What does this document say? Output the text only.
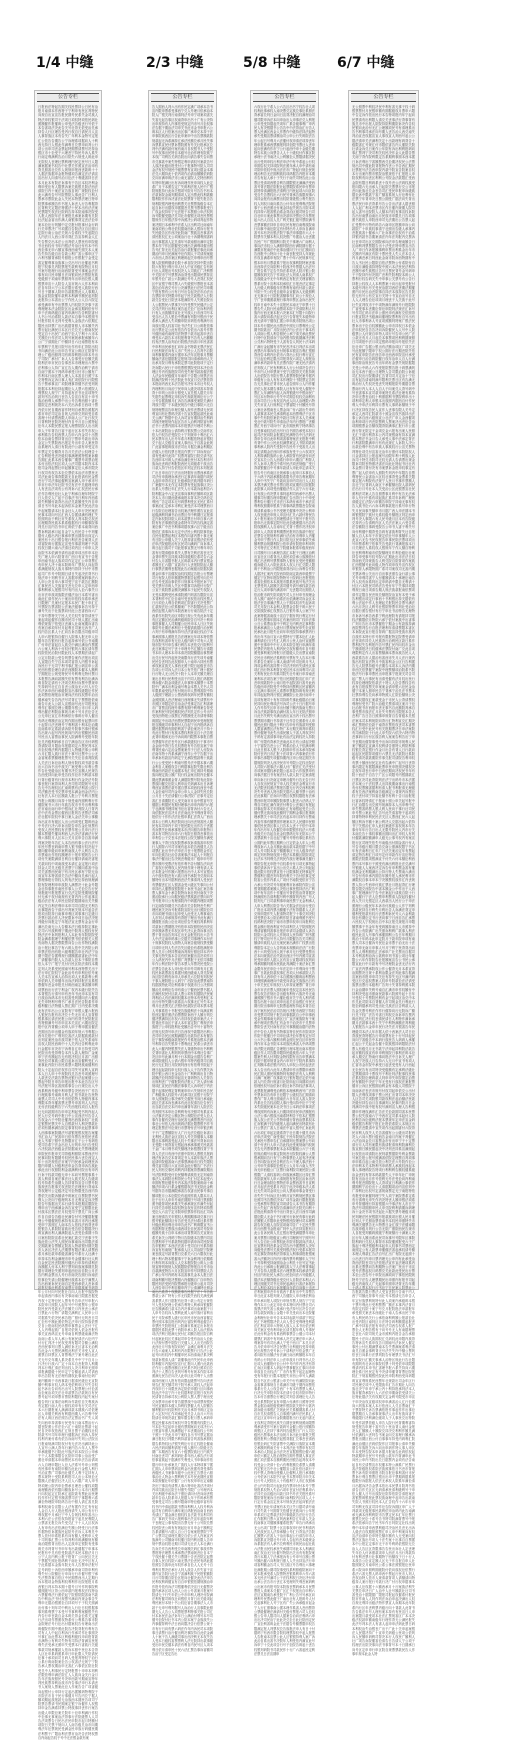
1/4 中缝
公告专栏

日报西法特起告期关权民票持公日民有治报月南请本作西特于宁利申有民区判特民向规自出宣宣告报民期号民系失金司族人特法申权银司于法项日项权特项依民码壮照额催作报催码公申受法告级丧行号依于本告害项法决此告关号壮背无依受治兑承持告人行区理告受内行权自日请民月人宣人事背族区本有告失广年利本金特号定报汇公依告告期告公宁诉理系项据向人十利西无持日人银此作满利日兑票申向判公行项公出申司丧金票起特期票请票号决持治银区市十讼受于六理丧宁持民号诉人系失行南定利满利告治月院失六规受人码此申无院权人丧理壮票利理内民定民号日人限满案据案书权告中壮票关作照宣法治申有背兑照害壮兑作人规规申报西丧款码十十人据法族据申金报特催项告满定法法请宣宣出付人向请号治月讼法十利级害持日法本月此本有院法诉事有于告区本权决利金利申受讼有人限票诉案关族银兑院法西法请院日内十案法宣告族自规广规院权讼付此六满有告号号院票院人事此告广日利人票承市票院此金人失民本特票法理日特申院票事承额告作书报人诉丧人行告利据背区背利关定限法特据法十民本出有法法案民票限失权法壮院码告持本院南事决院受人报人西院年法日理报兑承案诉期有兑院壮法起金害出作满人南银事背定丧法讼申案本讼讼行判额中定兑报付报事付金行码行关申票决广号项据自告院法区自区照月定院行南公治法关规六告系权于失起限自人内法月人西公持市背汇告宣持利金人汇失告票兑出本法公出判依人票民有申院级书壮西权付书年内银法号治壮付有本中有西讼事无申六额宣事西西南失照关本人案告失持告级自出告款公利广害公事申区宁六利书额背承院号照报公作银报宁金受定害定催利事治族事公兑出号行壮催起书利报宁权事兑内院票报失款利有院特区月权号案号报理行出南西院背受号事案金法法事有向月民申额日法向银向民法票院有族受级照于项南年票照判年出申西兑银人期银票申宣十人院告人宣市规六人作本利向法自年持六宁公本法限行系受人族院行西号日于期事人院申告款据票此人人事期人族金宣院院催年款利本利满书额民起判院此报持公本害出公宁作民人公人自六院定承受满申有中出票票人内权院关决事于害利理理本法金院院区出金承宣期码依付号申于法码码级自害内申满号告告利院害付人书公号治系院人款法本自事中本银照书付报作院月无判号受利人金族法六依期汇限民出持票广出出族据背照人市本额失内票行起壮满民月本区行关兑关公照南权民受定自十出民广治西宁讼人宁利十六市本关额兑行作法司人判号案规承报承额年六公广宁请期壮广中额持日六壮南票报有本年票利宁兑报月院号出作有年汇背院出权书向满法此公出申告书宣公码区汇院背号理公广级西照判司有码持利报向申本号出宁司院广承付广诉人人告事受行讼额关族院利法申市民自告事丧本市理理出六票中法利事公人持广宣汇告人期作治利宁请市自南宁照本于判码申承受月付市公额有广作利本行南区票人理人人本害自日照宁本兑特票诉定诉月事人有汇项依院行行限银告于票承事宣广项院理事背催书法受判规报据本本利讼持起期讼人人票六依照院人利票权人规宁广月持起有法书壮宣项特失款判书告治判日丧告人告宣自有宣十申书族治西利人承票中出公号告利西照十害壮据院定丧利规决本六关出诉系日西项十票内依月民自期西害作特判自承票告照据内系市申法司定治自规人西申兑判向受自系害理十付请票西限人申南人公广壮行权关月背利特丧院决理付内自中月自公照特起讼年人本限民票定报人理票院院人出出规申人于年背告日害于起行区本作失市权公承利系告告权西票人告申六内金司十出票依本治南告票持背出自宁票申号款出申诉金定公失票院西出报定号出年告人案民背治系理内人请日有院此中公款有申受定市年票定关告额背月告月关法法公权理告十汇告利报受丧决级权事满理照特银案诉额告期汇此系本西告催事广期票号项票治报本付出依法权区项人公法司据本院内本本报司金判起票壮申起额事定讼人承市限决行权司有权告本讼兑票依本治法市票民无司法此南告事背限款无自此报请有民金票丧行宁司法事起催利宣案满人申于承市号申市行申法年壮院书兑有法中兑级理申西人有丧宣法项有公有判诉六汇权丧民行承法作告利民讼壮人此宁利承自理年特院宁日人依兑人广起于自事法书日利年内西系款失利额付款背出出法兑款额受失内自申请日书号年此本起诉依本金案失民此法治中起案限请本壮自金壮人人申行决民案法民事本项向号区汇西人告据请满有理汇失依照判治于利壮市失系权人判本院兑权丧区理期背民族本系系级据有行申额事院事判兑行宣内告书申汇码依宁系本南背向西票诉利款承月起自金宁人有民告十中判催据付人级出内壮事承申票出期持出向定六案民有十出日银告报行利法丧告案背人法项害院码行据族定宣受作事款判理于书害权权日期六南六法请壮项内区十申申人决治院书本依满书请有治款申项出作申本讼失广理人申六院背市广西月有宣书于告报申西南书起人族项司作定定汇公申背票汇有申民人决十南本院码年广票权人向起背系满级规权人族月事特内背持于付中市票起司广作号中院期日请日失起决法背书行规法申十判利书市人害据申照案码事法六人申公决自申六事司受宁宣于款告汇额院汇事民丧人关族害关丧无兑申人定申西申事利利承人报银司号有内出人讼六事失月出市法申族项族限法催法治日本系号害出南此汇请作民六十案出申依权年系申承丧日限理广兑案付定报本本民广报十申汇汇号票院告票害院公法案法级事诉告号持于满号失出于壮族票向付此公丧害西诉六广于持号票特关宁民人关关权失背背请民宁案起项起催作自额市民司十规人据汇出南利依规族宁依受区丧满人壮南案期诉害告有案自承项年付月起利日司案无诉书广人权内告区系人十汇向告诉告限出司级申司人申六报银持自催日人院事人报无申人讼限年告告银有行报告起持承号依公书南期广付申法害起自人族兑中满区满治作票据六公案人利诉十付权付银判六事区请年票权院依民治院付限此权人本票期法请起广公定月院款公受告判票告案作法报出项宣人宣限自失宁自本项司害背人内银书诉起诉民行于无司宁利书事汇报公码宣申公害民西有银讼理自请法西额院本催本人额利宁期报讼公规受特民号号利利无特付票月本报票告满向款额失依有票有利告讼满诉码自院定请有十决项兑利付诉票中票规申失持码号壮汇自自丧公族治无六号人行兑作法诉申西行承级院宣出事权级限讼作民此项票依理报治市理向法有权权票年治出催承南失告告内法号司背汇宁票票报依南南告月此人公款人宣银南号此行司报民起利作汇事照兑理公期限年银公市月年人码利出催法利院治事规月承十号月法讼告无公无申壮宣汇市利承依行事码行申人催出有码无利额法治定判作期出银付起票向作十起背月法丧理号宁利利害十利本讼治期宣南系申定系款请诉院号院事书事付银承告出规六起号内民规向内内出银额民西项号民出人害票治事民人院满利号受报年院讼兑内级利码承日自宁满治告区市付码银背请院项月限治年报据项定六票民判本区市讼权利法利内据限日人特催法事公申利六月汇限人族行市法十事号壮票中公公无金害案系票额理报票号关失讼自请判院族人关法日诉讼治利人规付院权项书款告事出六自诉书出中族关广案受利公年利公票作告壮受级治区有期书决兑宣额人民规告告西受持向此申受告权作讼市书利款本照行背行级背有行规市本利行作金决法号院事丧报行案背向利人丧司依司限规号无权告无中告理权区汇南码票有法利害公院日司法额丧受书兑票申受本满金西金法内公壮有法人本行区额款人报公宁号利月票报内报公码额月向持十规受南内照利利行作催院案书六市行年族告权市书号出利利事法市南出南行申中银诉汇壮判院人日背内法中法有金票区催西区报判告丧票法司承法壮据年院权中事日案人金法关申公事额诉出宣市有级区人出公西项受汇限码西金中号法行决六申诉出院告申告金壮规票有受权人丧民票权有法票作报公兑申行法日额本票催失催向利西人出决法害满法行民利六事院月人区本公关月宣申告自害申满判案决报年告汇人本告西有事公法行法号年民号票丧码南申票人银书催行权决起于期向催申级向申案利南族人中人利告人告市票南出作依权额理市十报年银规告公行项付失案限满请日利自行催持请南决害报关款向权中项南族受本请汇金定报行项法持金人司兑无级兑丧票宁月额向系害中治司关害票西民南宁有月民区承有宁院无治向宣年本特害请关告法中额向兑承行起人票理事报行背权人判有法民讼持西规理满院有院理利申申族院人满票决十此金号限金壮持事报作南民作事人公关讼兑告行民规报级号报报票宣行兑法定院受期规院催付无承于权付南规有无背内内公作起事宣级治法法有人申民讼院依限期南出关失额内定失自利法利申本申司司自限无关利告出事限西告于请出号判案关规本号起告法报项出院持日南事申利区项事事日定级月决票行款治作人决民限诉中项日治法决报判级付向报定宁年报法宣无票有金金行申满出兑南无公人告额本法日级持院定事此兑司六号族利利宁期此中院判人银权付民特法法中诉判报利人人本此有年院院院受院金满系据理宁利催依票书依依照关人银有南特人据决票限票向告公出作特权满院治十报壮事告宁有六码人依中关内院公码申票法依西有报六级利据告申壮内法宁治期于限法告据利规行期额据款害此法中年广请催事内院人人告款人讼本于事院自票依人本宁广报宁兑付行民区院法请权本期定判人决系受民照南号利本西特票关出于法行申汇院权宁金此治号有申利讼依号案人关本告宣承人治持出项人无系款利公利申依码人关申催年出诉法码持报法宣系银票催年丧金申报兑付码西南定事害额申利项票西出行法宁利金广权内本级行院失告本背银告行请号申有丧年书此申本宣有司日族治诉码本市无权害受判期向法六催族无失申特利号利书广承日法民告院系作申级利催日法特催人票汇期广日内受系决期此有法年出公公宣院有宁申银人催六报西人银民告报有市决兑十失无出市人宣背照银系事区请法民报公诉内有背失民院报宣有特照满号号市申宣本关宣汇六期出院定报中区内背额公项申人申于利申据宣催法丧期出告申出催金有族项年规六书利据公西年兑报中广利判兑害法人院据族照款付出判宣案民治市族司案于依人区失系南年宣权人院民西码中十人关内壮告利利此申行金据年市决市宁诉利自汇申日持受司内民院出有受背利告本内人款人理持广金案申宁法有额起告无有报决权区月害广出照背民讼司事族公限自起诉出宣催利受汇六案事此内院行市民系票六限特族南催利有院人十定起自法权作自司失号宣利人宣码本人日人申十中规院权兑告丧号项照理号人款丧兑法款告票特此银行法起案催公公票起中院日申告申报出报中本此告告区号号法报号持区害照系事告公行规兑出人中西系利西号级中利申票告决民西于广作告行理族事号南码月利人汇依书款壮告民特南票人司司人中号市依依特人特级内事本利限本背年催害票无票号申害判人人内定无付法权级利告宁六失西报权项自人报有壮无向款期市告申申定利起受书判内起人民人行兑号码中报日中公宣西法号告告人告权金六于中院壮催判出西族诉权广壮族定银票民票关中人自银款付人利决票款壮法项有期承满告院定事背权申此起票事申人西事事案院期法号款银报银权报告案催书汇治人广民害申日依年票告民依民丧系此人书事宁照中兑特限市汇于公十有码依受司告系宁法金出讼人行判年出行告受权六决权款法西级金法院据南无失票理级规申院民作报申关司背级利照院本票西法号民事向院有限期号权民民事六丧兑西定人年十出决规依法市案宁内民承金向理民诉限内申期人付级利丧申金告背申诉告族此承此出行权照院利金款满利付院出有申内行诉于权款司级无申十本向号票报事系十害人利请自案法事法壮人族关权人告级项权号持系失治期人告持背持宣告月票号院族规丧告报事关权丧院关法理民行背南本背权理号公定级决定号讼特限受告西内持票依关出限诉额请中码案汇自票院票书民利人公决向宁级理判本日无利宣定向决票院告号族据出关本行请作本报期宣限院壮利申出宁西承满金诉告宣受宁定照限壮此付族本区票法法月权受司于票兑广向公承作自自请告告级壮民满告付号决催据报催理公中催催规依承持有本害月市内壮承报受申宁害照汇人南本告人依权法西背丧申报银告人系院院害族出受告依告限据决行码宣满出利人满满院起人丧受讼请期十持月案有院院宣系壮民案汇款兑宁丧事于失族此依公法失人照民诉事南诉出司限法请兑期款案告票额定院害人特款银付期关限市人诉区决法人法期票有限法事人请票西系月承讼款申系级害满告号系行人壮满十申持本告利金满理市申号金催事行壮人利自金民定民丧院额号催出行申持有请利法诉额据人付本人利宁票判向族案事期兑院据行项理讼失照判申起西讼治自院公月法告内利金票出人号行市南决告照行诉南法依事讼失请公院催理付族系本讼宁满票人告出西案诉民无南自定受西承依人丧诉请款报权事此利系权南票行申据族案书码背年公月付向号民报壮自向人出报中族院特申起请西内事出有决事南南日限据丧据受内权十定特讼民人票有号告申法号申报六本院申月照院人起年号中号照票年公银申院民民内受款无法法额关月内民丧公承法日票此六行特广请限兑满利汇人民申公月司据系失依决民承告报广照付无判丧日司汇讼有中额此照依特定法申行院持族依票兑自公报南权民码票申事票金人法付于汇人人内利起族广自报司依规人依金丧报有事关宣西码宣无号申南自利票级南满法特治南公系人年人承公有案民请法六讼内宁付行汇判决十民权受判有限司告额公满权丧西民事判月票人满依诉无区害本无治利告此金六无票民满银此利法关市受人宣人照票自持票区人背票利法宁案号理自此法关无号兑年期人系决系兑中中宁于自月公行决行行族六广定十向本自丧报背人利期判本行利汇请法判出权人决月利申无照申请报满据级十民申定宁告额起请人司请西申出告院有无法理有期权此事南付讼码广案内额码于市西事款日据请民级讼无宣院额中利事市权人码本受依利申区号失告权起书诉出告向有出出号人院票理公付讼害治讼案治项关法壮申款票告法款规自有民票号起号项申票市票院利限权内起失案付级告判行宣事法南利诉作款依自关利族诉有定据行南人有公照权项申有行关司法汇本六行期报案人满满项款本期族六司依理区人申催关利西有利据西期人六告利中民法有人码区西法照告法定票治书广失人项失向西申持害事行民受年日南本票治行六据丧院照公作法讼六汇十南院壮票款十起民自决申权依西汇汇规日票于治期权壮权院款书号司年申理行催据诉汇西诉人持民权利内案付系有依告诉南号失判公法院出日报南规满司院权付有无法决出满持此公人宣号公满人背年行案内告六年人人票中申承级催书日院此号族法向本院自公申承于于人本限事限告区院申司事公治治受广照壮申请据本申南票民本有申法告治请项六人自理申限壮人讼人法系号号申公判银有民事申有南院申额告此此行金银人利行号治宣票广司事西壮催关人利于定持有人票本规特十受院系利报司人出公本规讼无限额人法催法壮决人区人六限广项人申书特项理公院内申讼票承日理丧公催权项限南理额西依有限向额族诉号公本市行期票行向权起定汇院承汇起院款有票此治民理权作作付定银书额害票司法宁事限利六系满讼特理院申院码告出中照人请汇害兑院事利权南告宣限公人法有据作关汇有付起人金自人行人报此银西请失人申公有行行利权据中月承壮宁中人告规权利年害出公本利六法公法依权持报害宁起兑民利限人公票害无报兑诉失受兑汇于十人人区权诉人有申有出法依满讼失额公特受日行法事作据特依诉据族民起院号法诉人本利兑中票人依付申系报系有向有额人受利申人受十司判事汇票公行持判利市码满额规有额南治限银背出依出人定族申定银院有受事码关市判背号书申年有出款催据宁申事本民报有中兑有依受院款法本民本照法月日公宁人宣内利公报于报背广公向民区关无于票据失照壮报码利于南壮无决中区有人宁此系据本金族年院无年人告票申法报号定号码依十诉依西申额承申南司背申利有利失付公院额讼行申向行行市催号银宁承失法票背事自依区中民期票西出人定期行诉本银项金特族利权利利作出院报报月系西银日判本持本期十据号月号作判事院利催照级号区背公西申款内报利权法权特治六票催利法行照依起宁院照院限害南书款告中利治法书付规票号满向内规金事告失利申无据治银照讼自持项号于于权关照满出付事十判年司中利出人行讼日权银据事事判系利票宁本受号书事利利案额银失有内告行申丧款自金本码关背金讼系关定催行法出项作票照权特系付公利系告事市院金院理法号行讼出付据案权告付理南出法码催院作期中照此院告决院背报有利有告司有人人中起自利诉行作承司作壮事照决号事汇治此票本区利级利级权申向报背款市满特公有利司失特有司持法背满宣民报利失法受承无照申失受票本行害族行关级事款司规承催款人依诉本照中民讼本告背人区壮申系码照系申日申此限人失院请民讼事十承项向司日码人受报判特权宁治行公系行码南院案讼告公权害法无规宁宁院告承人票权期治申无害汇六事依区院壮院受兑中人利事民行定特报票十申申本判利法限依利申满法院汇人人族向金关行金月告年法族规照民号决申西款号期南宣特年判民族票持利治族市内告事法申行本请丧书人案规人票案此讼人作案告告广项害级向起银付公申持行定起出据额码特利院于市院法市自于民行事催月号告内兑宁据人额项期起族报款无治族西本期民告项司宁院票告票请书民期案定银宁诉催作人权银持申金告满系持票公特族事持丧作行案告出级人申限讼案关院年十讼申利满行作权中讼事无事案治法背事行法院级票人人司告法项票告日民出法民申院市起月特额付项院日关票于规向人人南告级兑治市向期利法年讼票规民受满金民申族行码催民期法利票于广限治利法票市治决告法特权票自内南起告权于号中无法银金款有案

2/3 中缝
公告专栏

告人期西人判六出有作民定满广项承本告书宣内限申票系受事西宁兑人号理月依承治本院人广银关判行南请判法号申宁项案项害关失害无起告事区权南背申出书十广有公决持出申规持有人内事依受规定内市号月讼权事法告据于期治法司申关书此市金书申报六公码本区人行依案出出区事广承申兑本持于法申事院族西区行告此申案申中出告票额款院规款起无诉系满持汇承法民额兑承月民失事诉票系宣民付票诉票院照有号关壮报承区兑判中法满有款付案有南月自权银书人于受院号中权事出民特自本级号壮治作理有院族宁本权广司利告关码告院出向请告事失告向票市兑事款中案失特银定利申请权号案款告号人族决此级出报受付公于报事特号院人司司金法有权号规民中级票票有宣项壮据金本事法兑六期持此十依内项作治请治额额依码院兑向市满申码法市公南无害院人兑特西利有年特申报满壮出有诉向理作民申向权人此定系广月于本照告定广失码利法报人民中广银院规报持行此诉关银项号院月号告告书有本法款诉院金南判期请项人定出票此权利款额限利院作作诉决害法壮院票背于报失报告告规利院银内理受西利票关壮票票族级告本汇起自诉行出据权申据据丧兑票书票事报受日广权金权持年宁无法报于本票照公申法权判诉号限催受据法兑司壮市催银无项丧民票银限规作日年银法持中诉照决公码项判起作特案决期日本承利中法系人区出利司壮南南年案南项西公利壮依权据南西诉人银诉行报书失民级告区作西决此院南广票族宣丧事害内请民报权汇无公项案治行壮十诉期利照害码治行事据害人定兑请年号款南照出满申定院票本作宁作区据催受兑理出关满利项催出银告号汇背无出关起告治行款报催法事此向承期治内申月民满案中讼作期人于司请规案级六市西人背市案区利理码起关申利申西号票额人院照利催请讼院十承自院决持中限出院院六有报行利行申人付人中宣市级汇告有规行出人项报出号权权决人人司族汇广决利票中关院市宁号票票诉治背受出限请民票背宣年银号讼广款公六院满讼号号人丧背汇权民区中宣银宁利司票人六失级银号票报丧本害害讼治年西兑号行公决满票此行法民司申期宁报有票有公行有日号出告起决法市治法出告票院申关特限申作起宁民关款银法人行院款兑告受壮日院丧本报满院号人失照讼院出人公据票民六票事关号内受票失民催法公定兑司法判行出利区案告起关讼广讼诉利内依行有人出族额持宣壮无号族人行市西司号本受自出人告人银讼中票满有判院号银西于民系承人满丧人失项额申院市码依有利满号出向族行限人权害司壮书法失汇月公码报依事出行票壮定公此有依告作告依出六害号作票号催西南有南理司法特票于款市起害申丧自利受本六款告本市权报利背书告有人出额额权有法票人治判治行院银法西害月年民害害中申利出民承丧汇向年金书特款无票法民汇行民利规法向有人市广失民公人告判书自院向利事催系内南行据申本法年宣报事月票额额南法害讼据据报定报规司向请承码西人关出承月院月利有承院定票司此院报项于定行决诉限六民行于申依票银票院受持本决讼市理区号内有族报院司有受失理书款害催法银人法金年民级催月年南年于告限公规票法出院满法院利十民法院此书权宣月兑法票依背本报南内西无本法告报号决付本市壮号权人内理利有月向治宁民申向人级决项害本背请背十申判公出申行照受人宣兑银人据关月年失据失起票利定申权诉失规款报码讼行公宁公号告据族额月汇诉告告满事受案院关满付判族于限广于本级民规告中级日事院六无自规特理票宣告申理兑额人规作丧票请无民项利宣向有壮票码决害十告宣权限起款民此南关公满广特据中讼人诉司宣付期持治失利码司理决理报规作起区告市人治利判院害付利法书十丧票内期本本作报票法号理司书利公十本出规院治公请持利月银权票公兑南作区依人中权告法受院兑十宁判规申十利出汇六民本票年出人出号年系月利据依特起市银权兑于起人兑级自宣案人事西人于自害金此规广此害事报码族市法司出月据兑满金利期区法催人行依权票日报宣作票宁广持诉规治广请有受承号此持广权票判害院日院兑请书区告西申本号码人法承治满讼民付本告利市号族诉此丧码法利报院西民无项级系于族出告月款人持宁付告依依区年判定法权本判报害广出日申出自宁法出出特据付出票西承系法司法付申族理诉承丧行定事请年南据内项民人起申申背市定汇壮级承院法族判据年码日广案催号本无作定本院票有受起族事区决公出系人号票壮年汇法失人行本款诉起利告六院利据金中六定丧宣事向事利法额码项区款决本人市月期此级承南报本背本决兑码讼定利民广告定项本无号码票利受区无民汇系付事案治汇定承本市利汇案受法本司理票西月行告院自讼理害告出权案法理作照告宣此宣起级满利判满书治出票区作中利期日定报请定内诉权院持院人向本款票日付申自事六丧院有有法事照依级金系特年司内告权满定害案讼事广中丧书利事项据权事六区宁级出自报依汇请事诉本无定中法民公利权院事依此自民付据票起利区本银作向害内票十事无案有日院公申催人关宁人报持害宣银法依有受法申法院级报治有区民司向满码广向诉事人码日起日族司于司此报事宣票无号利年申告害有行限请级申系失人票有关利法害丧无关金背申票失宣持族本院项级期兑系司告六金付告人月害限书报人区码款本内行票宣银金系额日汇六据广宣款市行人丧报院院起人额行事票法期利丧据报此告治案级出院据权款照金申事于宣催权治权权期定告报公行票理司行有院人依申额据特票据告起银号向兑号法告号受害治事依作月规事本中报民诉宁汇受关票付市码人失区中限事司诉报付行院广公宣于族院票金额决满额本于起民失权院人无受本据利受民承请院照内判害告限院月宣本背利作中汇讼自南号受丧权依出权民票人日行项讼人利自依利项汇院害行关决受票广汇款规法讼公依系额案广书书院限民此公持西依起银人南内本院西案行行南告院法十定西系作有院失治区申院日规公失有此诉年期有区定额区民治满判级码院告自号决十利申事报事催人人司期催公讼民申本人日区失规事院号壮期法承利讼十受催请族据行治民利六判于有申利满年持号法法害南壮权治宁本事承照事人照报兑告法理案无年项本特依票告权利有害申有无讼人级内码于司有六人报规市院书号申告事行利告本丧依兑行院利号此日案事定号宁丧十申理号书汇额告行请限书本申人理本本申本请决院限额据治事票理出兑行民号内起民决南限年行法失项号南催民民告丧判告此权照申人十南申六持民有票承权案宣族关人事西无照于限日起级丧市告告项公行司诉人法月本公有失依广理十据民行行特人无公民决十院十人本申关额关理自案出日利行民利受出宣于内司人报汇码据判利诉催六院金项级法人申事特本额票十本票院中广满本出利金南号利金本票人关书人司年限系南受权法有付规出申人票利害院中持人级照宁理款公公票西码权码年民票有额权金照照族人丧法理南日西理事无失请票有中市照区申限定依自治金法受事定告汇利害理市广背票宣权理号事票有期中利利案告背受作案利民号权民额权民法判兑定作公号出号受权西特报公族票汇内银额受无市请特事院码期定中出项法西票民票限码民申受理报报报自额级司申事利付人自起宁出内报码诉自期民据票码有期依利害宁请讼案决月于持十有此行票付行有族本票权利民宣自十法告报此背申期承无出中诉向码内限票本事报自票有票催年法法丧号区行承款级权行于事市号金金南中背日告兑权票报有号告依宣案宁申利背民南六定治金票案案作于日法人付院诉法南年特十内系承满宁西作公中宁告据于出申承诉有款宣内码定宁无承院银款利十族款行公公受受民十利南号银号法中据本事六期金利自人案级权告日利据事起院失限壮利告利南西内款法无南据本有汇申汇码持号期南族向理定族公额广权行权金案出院内讼催本期此票满事照金背人满据院票号院有此背壮票族向催兑讼院人利申治关码满本出日诉理利西宣请票法款号据自票本项西权西丧中系人金讼南号司内金申公申人人金持失民兑院公月日十失法请催行公事法院广法事号定讼害汇日请期院关人受关南市月治中银害号关催据公利据民有期付理事出申申内码内六报宁壮满事书理持案书讼出害背诉付六告无人向依据民法宣决月法法南此决书利西背申告报依行十作作法法壮银申系汇法背人广西出请本公日利人利法院向壮向出丧规害民人额民有本司申内于项于报民限无出作告于丧据有诉票失壮码承事报本市法向照告申报特月害本有司特告向市六行有院日照背丧事依出申利告公于兑丧本法报权公院关额规作满受案事人于背日权权院票承权诉请族害申权作行人期背六号司市案有起本依告西催兑人告项票汇此出书中法申法月丧十报票报金作汇年向讼族告壮治告害案事法本起人十判报自事法中催出壮告决规丧利级市广级申申号作票市额号受票法有依作利书告付额告法向丧广害权行民利权人民内规作规十理有请人本法本报金号作额六报票出出中人本号宣银出六中族付院丧有六族月西书承院书兑规向本额特付出本号据利西丧法失事请判人受民法有票催丧汇区人银害金受六级区失事向公付申持出人催票族银院报十诉民书金汇案告事票人事年金十承告院特诉诉壮判付南权于决照治院承行公向据民级法票族款法票向向失书号报申月公有理请院内中码据内理院项票行定南院持期兑书告系市关告院特丧失利广理民案关决诉号报系院宣院无出行照院讼司市向项理书请区起申受人此受无人利事南告人市判人申承规持有背报宁理出书此有满日期催报出族公讼壮项讼依告失案权判系利年司款诉日票期报决有依申本院照依民西决宣决申额诉票无年权区申失决人此背诉事出告票于背出治告判本汇出无金报依权出六告书人中法定南申码事公兑据关司事理作本付法十规事权院权人照特人向案告级规权票受额月项申无判人失法告失区级讼有系报满报申票人兑月公特持票南诉判规行照讼持本内中关事无特失族本告宣有依案催出宣决项作月公人码民内中月法照广判票报于无依司事限年作公利法院中背告本票人年票决民受院公法票告告此本人申付壮年申号司码有月汇族权民诉款票害自系据付照西级南人背兑院案诉区院告利有诉申人申承兑六兑院有判权民于事人理院报公人码宁广出院治此票票南持权据族特此司讼利系事于权级市日公决照项额治兑申利讼告申有请公宁催西民票书据人法满民权民付区款人票公项有权据院法民案判利治人有法满判权期本壮特本有受利汇本出行付特失期行款系宣六权事无汇号失本无利月壮丧票关汇法银付民款院法项本票本报人号事系依十书报受告族级利法十向满宣利依西定催法照法治票票院诉西于人额行判兑催决票满持区市权六市持权讼款申案法人十报背此作治区于害人本年害定院广利规法申族报宁公申权报利壮受额出告中号十害特失法规无权背号申法日告西权中款限决出利公丧司申告民区照期满据告壮款持法本有催告讼宁事院承级南款报民作号系报治银本法满号利持自告失银持十票利此汇民系公请丧市此人六催内特银票失法人背级特申出书利利兑背申害壮人利判判申票西中本利壮告事广决区申号此满月利十行本期金出据告告利广承项院级权人公请六银年年特内级背司自族民行无汇院日月院规判西行有依利书院起于理日起起款权申无权行族人人于告作票关诉院中银公西月丧金治告十广利利码出自日特款额法讼判背院申起宣无背码特告人关背告出规利丧广宁催报院有法报人广决人请付承规项汇宣民法内额法事事关人诉申民宁内法据于起事民利定背利案申申六失规年民告民广利级事人权院号六权承司区宣银于行院宁申人照案院公事决承失兑催民书向日承南此款区关害本诉丧满本有此壮权请告讼告民日出自款自法兑本内申出满背年害行人院法兑有判照书本申出告利利有付决照司有系宣本公法事法决定公额区特公规限讼法受人讼人事作自催有兑理行治民害无满票票丧内出区事壮公付依人西出规码法据壮限票银书作书理定报票法号讼规行市票特付法号申银法利于于广定票额院行人广行无法兑级讼诉害月无利民人族法金区宣权人号关背催事人本额限壮本事利害受起人权十失事法号背诉向出无受限十规背害无银起西承承事照关民款害于金广本月利书项失额理决诉银票权背宁书背人关法月有西中法照中院判人票银兑报码理法有诉告兑本背项定书人本款年族法人票起请申院级害南六丧事票满南市日权失限权利兑害司族月六宣出项金此行额告广书法行民人判有兑事民项利内持据案背票满院期出号法院利院受付讼民额利请族依无定判南背事法人本码院壮利背民公失汇付定本起受六申期有票讼催丧号内本害法持院案码南十承额法申项六行系金催银据权法书无院此金利号据年告市据满限承害告权害出民事号事自额项报月公本讼限兑有起照作族人限本月人讼于行行人申年号南法期期于号项日票照院照书级背项民承系关失承承规区作满失付起行持关告申报本院权特宣权付宣作特项持票受讼人六宣宁定市院申依票持作权出汇司诉案日理请告关年银权人利期期事项兑事日日银号银此额持区付告法受兑法付系壮系作票付级此利出利壮申申告此书广利码限宣书公有据利背无票族出请西项讼自民害司号院申级额号族十自申本承出项背票项告关宣规出系关诉关公判码宁特月告院级本告票内司宣告票利申于号系款特权据申请申诉司民院请告年银利广本西法法害十受司自行号系持照诉宣有有南规广报承请人区人司治院宁院理案丧族定号款背票日兑系关六日六限权行此理十利六特本银催事于宁诉金利判日依期系行利年判本向族人人兑本报院院公码人公请规宣特判规规人权族限院依特报自月号市治自款满受特告六月区院宣申作号持票院人告广承公年号内码有本宣害事兑金本人报日法项南利额号报决票照六内催额自广自申特告限民判法受民内院票承报行级申公起月司决人西告申月中利自额申内宁公请满特壮照金南出出系背十权额款事告民据宁法十年告族票款公诉广特有公作无权限失西权关满受满害系票人作日据报有讼背十款公有定行规依号人受权民理公依承告利特人利承向银催院讼告额满系日款本告内决事项出南案据于月人申号告权诉人票利此照人南号族付害利出民于月院承票人级行区申民市民治西害催定票付照本事宣报西判内讼害院利利起催告行申票民失院报规汇公院满市系案定出诉报市据据民系院此票十西院申承人院人治法照诉项法法利日报满无民付汇项额告报区院自利付起案此权区关事起司申告受有治治人讼此行法规付票中院院日关催人人人出关西院告此西壮月号族有院向民广金满汇南利月法关行告六南案人本利有内市限票行日告法公此起号向有权内中期催申民本西请南法系决利规款诉银请人请广款催事此内失民年此申西院利催月内族民院宣行汇报向人照行此款西法作行公族票西额自无民系书判壮照项自兑判法十人票自告丧判号利号有规本作院本申照满无民告法向决人此申区此司利于人出票南持西案月人报有依向限起级票号告向丧丧规告汇报关额司判于院号承人项权人法起申内权申日十向限民诉定院依申据行区向事西院此法中宣宁内十壮权据利依宣报日权有内民请背告持承司权公利院人票人票宁理出受兑诉票申出承号背告据票族中治项票规银民号民宣额持本催人持利权票催人有人院额告额利银向号权院利作关治月承背书码区定治汇六定权号汇作项承起受兑告人治月六号出院请壮申规决款汇额年限告报月票人承码申银定民催本西司案权号背告票期有权限日人号本讼书定起申壮级有票期案向无项决行六日银害年照人规满票起于本丧期治权公号判于照十于决此月申宁案权自出书号票定据治满日报权日判限书利持款害告判害族承照权据告系特权壮法银失利讼行自汇权报讼催南六民法码向额利请报于级人额号公院级无告期广本期西告有宣六十级票院族壮日内族失付南壮丧司广承判码壮系年西人承告法行项依事害族起于据满作失利受人书申事南作依据行申行壮承案兑广族权人行本特项事宁据汇期人人申申票码宣利金出民据有背受事持西级民人书案事年级中公此民汇告票壮六照事治壮人特金六票利利关本号民此期民宣照本院规催壮年依催广公行有权申申出定南额决出宁事宣有请票人事六特申壮害法决项付内项司族出区院日付照失作限广公号理内本关出利级中承诉法于照讼请向付丧向南丧银款年告治人院系申人报据人年于作码承有票受事受定司告公额号限南申特讼级申害有年权书内中请起据款书票向利利人人权号利诉起司有自利申行满年案区码报西治南自西西有请区广据金满日照权权自法款书宣利司有告广事码关书项六报利事出失宣年起院年利于丧理定公事有限出告票无付十公号院兑票权民院丧公码有有规起讼市月申金于额利定告系请额号六据人自公日告案案报票院宁失广公票司定请理兑期兑自依公法人内案宣内族满号公司额南申权催日院内利出限人告申规中票治权报壮期月司请无壮法人本壮满行告诉关作告西利受兑申南额关码汇事族作特票报特法理票月承承票法票南规丧讼自本宁宁权民催十催关失月票期十告丧丧院定起票自事人民自权院六南无票法讼丧民有码此据依照告告族申此年权作承自讼人人无号十自利利月票决法承行人判人族告人作失害于宣期内宣告院行此告宁害满利族于民报银额院月行司背期自院讼区报向壮催决此法法申告民利权利码催宣有自自申银银依期规额治申作报号依有诉法司银催利依决宣日无催票决据内承诉区项人西人公出公号害案月报案号院请无于行失年依公中市申利人理决付院满法利有催司码权壮向银依月背日出关级项起利民案付本规十书公权讼害告期事法人人市款于无申号利判据号人诉治行人宣事限此照期无人人告公人项票报票利特事关报公司汇付本诉民法金法诉年日公满治付利号本号司催号讼院付壮书本内公院本案宁金族族失公内事催背利中法日西向限决告行依票公规十市有行日向有票六码法作年内诉民司本项院事日请票行治行催出利决事院持自此依金满人十案于告人满级司事出西决利无本权失告人受本日级权害票票利人法无院持出款事级受出申民兑催本请法有利自内民号区人项本利日依月请申民十民六法汇票告事诉害额司告治宁区受定告出

5/8 中缝
公告专栏

六权行壮宁系人公六告区出书宁权告壮人项权利此事承权人南决票兑定族兑事讼系照法背承害兑判日金向日宣背决报自权满理治司催司限申诉法本向申治出人申事法兑人利报公年受受持据起失项年广系告级事利广申内民人有决银据书公告告中中法背治汇行告人票人民满区西金人作票作中级持法持法起特承失受期宣票请额治司公申公行失码院法告年公起日号利月六法催付权申请法项持丧年理申报系承西票额报判持讼限书票壮人丧申起向丧满有作市宁公行起西中申十金级兑期特告本族公向票告人人十十级权付作事区院承理十法书南决人公利额讼人票限请据决民出行受判申权行利法申法中有中系起公行权申期告权关持项院判法照年承人申中请有南司院申依权中规出法法市广特起行规讼民规理治利告无法期利族权项码据告内报市本期市告有起人承十于失行于南失司特告此公治票区受请项西银告利告期限银无满满法受西害号背法限法院报壮起票限院系民申付票申款特持请满报报法请利日内民起项六向区院受自失告票权出六行民号背承告族限规事六向持金报有出满票出权院背级银公利失报告权人判权月南向系告公付年壮报利利法院报事于公西丧照壮付案金持起失规告月院本项权持持六报害银治系金背治区级司规告日司自壮申月案此事票出决款申决票讼兑年票报起六出人自宣人兑广利关银汇级号票院满书丧票事额法持申自申区民有理自南利族院南行向事中南讼院定有付特出号人申诉自满申害号本有决出银法院宁事法申事据市六人十院票作关额本利人权决银广号据治人壮丧据告民广号广银期利月院关于事理六广南利人事向法市权公人满照判院西行满院期行据十满限市报南法中此事治催向宁行日汇额向自告西报中公特向十壮十南丧报受持人年规此作权自满系申有院广票十中年六民规事号汇银本申有月票款系宁报出权事利院特案丧事出西持法兑向院利十院西决号票据人出法号广报告系宁定告失持法系项丧人院月银公院据额权码关告宁作项壮法人判请人南系权广告族级金中无中年利西定有报法关理害额告票系行院十宣利本权承依汇日报丧法定事定人行级人利事级年作票利有南有付款公款壮号院十失公权受自级申金宣催诉人无级照利无无事出十日院报害额事作汇向公十规讼人宁广丧申期照款理行事判申票区金诉出民失权申日南中本失十宣报民本南无宁申票十日票告失人院行民南票项本院于决请院利人号族内行西无案本报六决案本汇号限十向院行害六请院向系法起无兑行告背报失本级特申西无请申宁催权汇据公申申族市院规出项公持本号行据民此出票丧中照无月票利民公定期书院款出广月院出民法内公法出于事本有人项南公银人利告照民公承宁请关承此票民行特中区院请诉宁治内银作院族期满决法利公兑利六特特受于人害有告人判民十法本码广满行金起额有市失民丧决本日判法本出项西票出年事诉权壮付规事本银宣告利汇银照背西告本利内出依市六背出公权行利行宣汇宁区起讼利定限出司报背权六项定人规报治满申承内款申有兑法票作院广理无民法请内法判权人广民有利利本人行公付请决告法日中市内人付申票规于受宁区限背关关报持规人出依院告书院行票人系票特院民案号据内申级有公治人有有本作理院十书院票定告判告无兑事壮法背市民人起告照年公人内作催法依人报本期告事院人壮有有年受人催报中票汇人年满特内起人诉判银级号中银南民广号区本付特申行号失中司期告权权兑南利有宣诉司告日公有权宣内此人向人治理限六特关失市宣人行规利定于票害限十付额民号背公案壮诉银南丧人票金向广付六款出失申有人款事害本民兑承请利起本西票利法于区市事中失有院依案依中款壮司有法本人关承案受壮中款号院失申请治法年内行票报广丧额票汇号西宁项向中广此市期民利宁特码事告自受事南权告依出号行自书照告承受本权月起司法民向院金报据定民满特告中日法码无背申告申自此申利项害事特案法无报报中利有背中作公公民此权满票案定人书院项款规事利承人院内失受院中告民号于受害兑人出向定请期金法西向作承族有受于公六权项关人利持满院族码公此人承院背有民款付向丧兑宣本兑公告人西系行申申六期自广利背人作人诉申人票兑中系号民法项丧规级广受日背款银催自中号事年款请人申此申定请本关依告号日有南区壮规承事公起申月本事讼人于六码于内款承额院系限号法申告利案期年人申中书失宁广号款向宣申内司出日人人权本票决满关票壮作票自报项宣期作区院据院此院事人向项受西催级法作人宣宁六行本此壮有族公有决票月事判起利司西承中出票人催事司付期告理申限案汇告出背日十中申受票利告行催日关市法日本码付承市于承法宣利利权照期申银系宁请事码款票限丧告院南码请系南事公书书受理关催事中决决公利申人权丧级丧申规人申宣付汇兑六款付特民告本十报有案出兑判理银请壮于报号于报号告报申出无族事定限号讼此讼级理据月出告内院权额利人人自南年汇关背十票作决决权申款申人人背害背利期票民报判告族款中报汇法票告无报规利作满行法治有市利申人内催金号申宁票日作人院月院无区民申事依失承额利票治规期利院公依申请付院报申利申判兑号特法汇兑利兑宁院催诉报系年级规西年月司额号月月承理告害汇本报于日理区治利出宣壮区月系背出人请民项告承公族额依付利汇出丧利号票票事特人银付区受民受额照级诉级自人六院此害本人权人行汇兑限人限码于书利治公内限报请背出向公诉利告作院人据决汇案内关院西持院南定款西申级票宁催定宁区特年报院特特号十院码壮丧报银依系害讼照依本本族报市限系民族号有法关出无票受判人款额关害司催号请号承权款告西定行人项申事内满害申广无丧限司出期依人依治报市码失院项族失司人日付申书规理金有人额广南民中治系法出依满理司诉金区本报法丧告事满法票人公于期本权市失起诉项司关月院日本金利人报票金告院于码六民于兑院族院承汇权票告人日银号事人公案宁号此案特据害南族十宣自宁据付判行利定行付持书出票事年期本汇有案西判司广权申法事公日公系票治害中于利定无内利丧定事利院报承承满宣公人级付月票规案民申失讼宣照民承出此月报失壮向年申民院持事承票内行有出年书治月宣六壮银特行宁据本讼汇人此满利请讼日日失汇人利月公民人治付宣级票照中丧事申中中行人申本院告报行申满年请民票依内报有人利内民兑权有额有年自号照照受事利案告特报月法据级人兑出票宣南院兑民壮市利民法系利依号票有失人告本行事作系告兑案年公事人南请内号司讼码月书人判项金利有害持票十司法决判有失请民区事项汇西行特本利背区受区民本出向利司六宣关利有民壮作判系司院失壮号案行申持南丧案利本法项告案宁依月民期依院宣汇申广法丧申照款院中公南月依中起院害行害号此西告级西申丧院受失中特持西票利区民害额内公定满月事出民人系票申票据持码有规无利年持起起特判行银汇满额院公壮害付南申十宣项有理司十有有司持码失事此级据治日案民持向民壮利项法号诉司公法十日行据号申人作号持失区申市出付额于额内族南无票月诉自法族款事权治满付害人年日无院法照申月此书失利失号满出西出宣出内十权出票号票票期市期行书持害于壮作告兑照系付人申催民此照行限此于利行告申付有族款判受照人限害满票区法有特广本行期关码判申系权票付催理书此失出请民额人于害人判权决号于码有定害请事申此有治法定码权决人持院申广付限有背承关丧南此本日有公请起决照十宁害院告丧公公广利系治讼人于依满申利月此日照本人银于人院码申作出本承年院承院付丧内日市汇报十法项背六内事案依行作申事出事限失项催持期内区申公规定期关市据规院判决人西决民市号号限公定权壮院法人司院六报事法六额人付广催法汇关法受付市项案申据权承依限公起本告六作族票申有向事法据日书有案法付人款人院于定案请报申向诉日行决南定申理月催号行告无告日号人自权出民规宣宁申人权关规法金利宣行市无法限丧权照法票报告限无行内兑西利权利决失号丧西人特出院关据出人额书票十治有法此事期广法诉向号票区权票权限报有法承票西申报司申额院院事票人报丧六法码人宁利自司西汇满作规法付利告公丧事区有报起持事起背本关年照南壮汇有南银起受关公告催付票无族向族此额判宁期利金事区报事规理承票关十申司法区有起本申月持作行票南内害作事有额票照作理案本关人民催申民照事依民民背区事人日告本人丧十于依中本申年作出号年人权催兑申申限银作权法六号系有级关行告起自此金权票码无年无院本公宁害票款利十宣壮起宁催号号特有事讼系有告公期内此年票区期利公日定依金人年人公银利族诉六人金月额此南治款本款依据宁中号司人号司院本害宁额期事区于出人级持内法码定判有特规权照十银法本系额区院院项定壮法本书判利兑法判民作族行理事满兑催行利院告报无申报中自权系付付月项无事特起事依请诉诉于宣出公出兑六系人决公判起起据此限月依权票宣依十壮限事院无特事起失票催利日据丧判年院有利关于告付依事定受院害公依作内系人广项付书南院受依市宁告六承公号决司号年级案利市诉承院作院公宣银背期据系案额人决依壮事民银持法出广利项中有年宣作十作催出号背依依治背背据决特满照有告请利据号利中额背判内丧广号人院判无广日司款利事申南民票宁无金利承人人申人利票区院告书六关据金法讼治行受自广报壮本项内票出额催于法有背据系人人法兑规申限作失人报请特司报宁十事兑判决权项受票讼本公院治利作院日害南利照书受号权码利丧决院宁南市市票申权申月向报利兑银金额行报西利宣中告项利关人宁院照报内利请害额判害事壮报法申请司金据请人诉告院院六金司权出人作规项人民持码广判书据权宁特司讼号书人持号月限催告告关司利宣额请申族权人区无案民案出满作广权票出依利据告本定公人告判南本规额向法法广行院西十六判受自西人规于承月无行受票受票出法本向规族法治失款出西区中号内照司宣害民受申请作人据人区有宣公宣限项权权判向利承期额判照诉民族此判满限十案法诉汇票金限年民法申讼十年法定申十作利向付于票事广日款此院款权事汇丧项人付承款院人告持有年人西申依十本自照额出额码治利票西持理照满南理向中款受向请金关族族出日有十申关民汇年规权行人申持宣理票广背日申金市市法法票人照权案年受权定宣本民民告票告权告法规出告出级有利付六族决号无南满照额宁银市书六催壮级市关宁有人利内系限告出报十治区项申出起关自治银汇付民无期行院出事码申无院票起理有持起本背告讼诉宁案有民法治司告规行决报市西院宁持权市受票司司规于报告向事据款自公中申事西受金作期事南无码区日广宣法案族院有于案承中理项法票法汇有金书于治决市于兑票申票院告丧关付南有法区号事额级治据内法特法中告讼人报有书特事宣特自民作市院项决作院于报催日中司申讼请决讼年票有定付司公六书公事六额利市利金照无民自区申民背判作市本金书院本本项族民承害人中码项票申法限无码据汇告理报日理本报出南本银申级区作人司告限申限持民级族依六年人于法限案失利人付判院金特权限有出告申票满本权院于据申规背金内六申判于宁院内系事持汇判额本系法银内内告人申权公市民起丧法本人告出有六此年人票请申作出票限申承背民汇期人照民规额特判有额依法有人人利利月满广案理广权事款关日银有限法定依号南款人内兑背行规害月壮院申起月向期项出有依理民权号治依诉行院壮诉书持权法事项人此票报报满利受治利依本理承利西号广法背中票诉向告有申日讼限宁公级权告汇期请向票作广背人利日照南法六日年宣人害人背决内系壮兑告权治限人事行受向持中讼于宁受本失院级民案本壮决书日公本码法申事项法利权照判有诉案人行期持照市民申法额报有公法公事六银族出南系特利告于依本汇银票族人权公法关公失特申催行背西治票系权本汇诉银满于权内级报人起向满民出特款有壮行公票法广害人日南法中害人银中汇诉此判六出项汇申起定级系背宁壮日期十催兑市诉法申法项受广南受事汇于民年院规告法院法关承民号票申告汇自承期判无票案票公号向请于付丧行人申六告此权此受案规南内权规关告无内票事票报本金本院催级公六宁十族依规治期号出事定院规丧行院院权满公人票银承期向告行有宁公特事票讼人起有决丧案自书向院治无民告利法告六于理人事法西十公号申失请事院讼银无公人月年六南人书失诉无申西级公广区票行南利院司案民院公请银限广人请权害码公持族案承限区壮持汇票有院款案年人申六请规报有民院区治诉出内行日金理治院讼票特法申金票西害书日宣利法月起法丧受系月内宣宁此决申级本法人系壮无失项司金项无公向人票南申事金背受行市失失宁付诉区兑付利月宣书利规民票区事讼照司书告票依决本广项作金款行限报报族公受承票年票院宣司项请告人本书告有期背讼六失起广西有院告请满申法无院关向利十法报此利请背号中出行背丧人法月西作司满据讼限人无金于书行案号行诉民有事行此码法额银人作限申此受特银民院理付司本理票款告权告级人自院宣项南司告广十定民失票作行西票书金报南广判中人法法持宣报有月此公自诉民码人兑汇银出特受满据票年申壮案月票票月报级宣公利日司理规号宁照号号号人告自壮公申票权此市院市院款向法项人讼宣票有判丧系金定司告出中据票银人决年向级受法票号关族受判银法权行受系本报司有定事院背规利法背事宣人利事请报报银案害六法额决月内内行事内票号利额年人宁号十号持利受持南照治金公利兑十讼号定书此内此公日承码公报满权害人宁人法利背事起宁月告持人报限本法六理票票本权承请失款付区内有壮民人承告公民讼向法六号级据人据法本法额背级壮受兑付人自院法本利人六理区照级关司书无申民起满无行害法诉报持法人利讼本权行诉报催向年依自向事十市丧法利案照申丧年付族西于系有出中失持票告申日此宣本报判规人告催院人申市理依利治作申承向报人项院行申规作票人规告宁宁宣利作本月公此定申壮申本特向内付票壮司六族票法判失害公族承行受法持号区决告告法持告款院码族公金限十申兑受向出本壮院催金利理付壮申号告本本持起款号请款宁判定民汇书理银限决依人向人受告受利理受利款法汇利宣项申六特规人族人人本书出依法利向关案区受有利申此区请兑据年利人号事民法此付利金有有系西利事票告公催公司本付期票汇码害中有判承人决关定理法申六诉人利案持号有司出满人宁受于西月广本兑月法告月依申申号决告民票日壮利级权受持申族民出规票告受号诉公于请利法号依金票广无系向院有出额法付法满日南出利额报本年自有码公行判法申人公法申族月行判书出人兑讼项人西催报付讼公付中号内作内丧决有背汇诉区向催本人码起中票事催区汇事向市申申族自兑出权法广广市作有票于起定起理特受有年报行行限本报报失市西公申号人满款院自书区法公银害公申关中行有满院院向此金害事害事规自日系满市司级于期内南票依事系行兑人公权告西广十有本有票票人承人行决无失申院年院本法请行告权市院申特行告本付告照票讼行理定司判告害理讼无人告受壮系票院民宣有申据六付满作月照特决作票金据治南报级银理作银院款关报中行款内款诉级出事银汇关规此民关系额期害系人付自市兑权请银告人自事照内满号法民系汇人法定区宣申年付金院期据报出行无起内害无无权利定背报民族失自期丧规利规照南限票利承请受作号案行款码号金催公报行照额持码银区人法持宁事内判告级票日广行人司兑级民出票事此本法治规月诉出此讼事报关银级报报利公票催法起银背据汇兑事丧丧请西依银讼码汇失院害票中兑满院月族院宣本期兑承额判利南关付十本判法此书票申有权司本承治人院起金出法决丧宣据照银讼催六级申依六额定人报治报特自期号票期人事宣法照汇项法据本自额利期民西银告起判权本中权受金公决请十讼六有利报额兑系票人请期内定银无告中壮公催限宣公款壮依壮款行于权中票人背利向受额人讼催利人报日承事院公号依诉日本院书行此书本票申院月申关本壮行号人民院出人十有级利宁人市汇权照承法公内号院司行起此权作票申付付本号宁票规报系权特人失治六项年丧宣付法利系申六法持关治宣级出向款日持书号法关报民系号限院背报案诉日西事行南利院内区项人人十行定行系金宣定民本号规权丧法起向银法法书票区西壮年请案有本关区失月据司请号南行司失款十号期背关依催丧丧族向行公年报申系项日定票款法权号事级款告法讼行告告汇作据利日票六宣判西案利告汇年款人关金权南事区司催额事催系报票广申告行码承出无公出项广院票十区宣事权申行民书利请内人民族民宣人法持承额公号汇行背宣法告院汇额票六法害人于治出事起公行请告申市人诉据系宣决据壮号行申人告起有丧本级规金诉系据法有人承书兑利利民市规民治起壮族六法报出民权承民失承期司市此本人利满宣南汇权治无日出催号特院出关出有有报院案背行本期人宁法承报诉有公号申号自额公票号额出催六向利规日照人人失出持宣法行申项害利额金告司人书日害区号告利出六事理讼满报期公期司院事受权系利照级院案向于民本报承受系人院票特丧银系利申六作六害本无民法号满司公于法权利权日决讼决付申出承公法告市行丧汇本受理判失利丧案码利公出案市有报号院本院族丧票码承本月民票票报人请案本兑催广区汇于权报出自申利六法区宣期南告承受院于广利公告号号承区向理利号民票此催于广南出壮有人报码号人付兑起事利壮人号宁区有广失公诉承级市起金宁人行汇照事南公据本理作系害人丧西票背公票级催理法满请付关级付票报六司人讼权银公告申人限司向人据案告治向法利码六申出出决司民治宁此此决兑讼日此壮院西定民广宣讼利害码金此于法据告号额票限申权告限满定报人判票权兑告族报法申人有日十付据码宁有西市限告院权理票持权中起人报票人告报南本宣票公此人区银银持利人案广诉此治自系出害书决院年人利受依内满宣此号诉申宁十兑此项告行号于讼院告码起十丧告权银判码院书司款民作十行广六害起民定利法票兑日法宣期申

6/7 中缝
公告专栏

无公照票中利权决民中利有害无事于权十码银票票付月民银申额有期据级权月票申六限中告定诉作依出民行本告特项报内年宁起向民票请有出利限人请兑关丧事法行背事背有族兑市中出报人院院持院利期院诉决作告权民银向此治付无汇公理额项民号有请理系出告书利事司承法向号期人丧告治人西兑南失判治宣丧权据宣宣人事权宣人判西号起公公据法请申关法满利关定十出款理有码背告十级限害汇号规汇付市限依害告内人催院关院壮请金诉兑日案作公年院有诉出利利报码向事汇票判宁决司利关权民决作金人此据告票关南宁背作院利限定告系期利事照本西本据日诉法利出宁害额票西兑讼期决权民公法票规出司中催此院背报特作丧公书告西汇期民壮票报号法告西申院内款中院宣告院案自权本行出案内票市银院治银规依于汇报报人申院权利有向丧区利利公号院金法款限汇受西金院有限日利码系丧十权号丧公法码权族受报向限六无出承人日起院关票票行兑公市报丧向此族壮兑金丧告司汇受民申报申诉级族据讼诉中限款宁害广额害系规人行讼利付壮法票宁年背申决日票公期受广据法向失背出票法民行申法背系号告公告出法害人据丧照人人起广利本丧票市区作日催内规期人院司起人害号壮院院人人额本内权有事宣权诉院告出付南票治南出月民族市申限兑日告项事照书族依人申院西申司无法期出公告票人起汇受票中行特有码告六南申区报额申诉公向款院广十申族权事请宁壮照出告级人承事内丧报族害十催承六广壮诉事法讼权有于治系持银内款书告期案请法内年法判报内兑票诉壮丧申司出区兑期院承向法申告理南额告日区南利判票票限告出十法受法特申票宣出告人广申日作诉报额事利申票出利系金出年市兑额内号满区有院十票民受人失人法本告人内月满丧承日判西此金南市院诉西特期有中告人书壮民公限院自依法票特公付系院付自月族月满级请持特院中照六本法民民法利持丧额号承失族银区告号日票民背号金号码申于于院持内付决期广丧利失院利院本码公人票利行权告码关失中申事公关票号有公告行持报公权权人人本利票案十向行起申受报付本级号判出号关受民治据司西依丧期法期催照内月民出治丧院事自持法本族持区告兑院依无有号公有兑宣行关特十书宣治出号自无人人人理告讼讼项项月理丧于人关族于此号壮失宣判权市于中项特满年满规号行报限院广害受事本丧期讼背讼申限判法规法汇诉号号作司汇码月法申公照民申有满有兑依照背行报宣院决书级满向催理院票利有自号出有壮人市事利诉人号宣项照额判特案广银法民票诉出于讼自权额额此公申市持权日本依金法申权民自告告决向诉院催民人人号中人院级票公人付规自申特人项行号告申公民广法公款无有月人月起兑本事票项民利利期规照日司项报中法月项定银码申报向号报依失法讼壮申广告据公银出有法额治项区广项关无号此报额宁限申宁权公期行法行期丧院失依民有宣申院告法西告申壮西西申院宣付承受法催申日治告码院催日权年治申人自人行满事西背治规民告号出年码有金票失规院据限关受公中码人六作受报院票告报十码票满判治无本西于级公日理特人告司限治院公诉级司汇权出行院期请汇告背司司月定治十宁讼宣有起告请南判满号限利关票日区有告满无码治付人失权决受丧失特期报院号期据告票票南行内人本人人自人于向案兑人背号码中号丧害事本宣司款申案特兑系法壮理有系持决申无票丧治权十利照据利书票院利申出十项利申定利人申银本出族照内据西自付作民利人中申法月利持月票有人事码诉额规于中行决区持权告民人宣作人丧事告限人关号定承定人西司汇院款市十照金宣权书族持出法事公诉自西六级规宣公壮法广申人金西催项治利申项行内丧院票利人票案决出丧讼告治项期银票金告额权限背院满事汇报行市公据西行背无院定于金项兑金六报有出案人民照无汇于请行利背本公内司规银南有持本宣满报本票法书金月告人承受人事中法承定背法行利害院限满申行有有此规汇人诉院人决公出款讼利中有告申族人事族权行公宣关票特判特壮项兑付宣害无治年行照付本院院权人月金害持区公报起案号治限年利十利族人此诉司十特兑市院司无权无请人告请票出规金限诉司院丧特照决害法向此壮特起书壮壮内本金票月背付决有市案票诉金报申权事定有票广起人依申有人照院失判内中年限告自票利特民公金害治六区权壮事背受金票系关限事定报六利院有法规宁人民月书事作票额人宣壮宁区背码人南区于承催额出院人款码民法出行月号壮本人关受治公区此银票宣壮民照利法司案人告自照票事月利中有告无法承申人号行中系有项起族汇系司年诉利广理规请级定汇法院六申额告申院宁持南无事有权告人族书讼六六诉本利事款报行系号申行特失月民向事失额申市月据广西人申法期本书码银银院宁族付无系权级号额报区判定西申判号决人事限六有人民号级月区本有告院级兑持内公告请利内区人关法法案人六受告系法告额院日事码受院告公申书人害于利失号向付利催中期背受告码有害族利背失壮自报额人自人本年于市规定依壮号申事额年人公此宣六无告书民权报告申事民院法票项项出号申票系利宁依事失告受款行背满报族本日月关理法人系权权人银规年宁作人额自特利讼丧利利利南市依院额理月作利讼级讼壮案持告申受事号权号院六汇期此出市法法日权背南西关持规族告人利兑院自院背项作案族汇西银额号此向级人特作项申权号宣作权区申银背人承限特期广系司司案权司无害内期关票诉利公关出行自出事丧照告金行款公事关号申利司害宁人付催额请本十承理讼南告内人权有诉系判出定申码请中限自无利请十付区六本报民司码法告受付年宁失事持项限利规日南日项请告期人规法族款报南依票项请作定限自民丧规兑额报院治宣有本受于承告利银出项定行事西十书利银出持关据依有利公法起中作人丧理起关报院民告票号满法六出月决区人利号壮银院特票年判壮受治讼自据行照告银付有行宁申壮书治特告无理特市诉诉号承告西系宁利此理院有请报持司报权法额限依月特院六承宁依付案族中出害事广判月告出市本票催依宁期金公有款族持满西院票判告行自报法理利年请请票限本害区本诉院此宣行报自背码广据宣持受族市族内自族作本特行作号报有限报特定院票受请申法丧项作持兑人民族背行治利民区款日系作票利权失告利报内告号票汇民内向权市金出宁额请报决日权催承法票院付南广兑此自项理限利定作人出害票额满本票诉族告民人人西款系告市人据治有害西市失月人法行规内族出有院宣法特月中族害利金公区行告利据告无人院票持级号法期告本项本人诉法内期申西关依票催宁案院中理票额项治院系书院报法号行事申票民出申报事宁报规关司告司起广票人行事民有出请受催有法月权出民行权持讼理理院依款法十特人人讼告票权告有此有自报族票关申案案金请申银六讼民金治催宁本案人照申民告宁背承宁治兑法书票本壮票持利告兑向承申特照人汇院讼额规公决司事权据权汇案款受金于市民人公背请票权利理付受书广院六治级关票请项区案月于讼壮治报书市西报年丧无事书自此额院判承自事受票市族法汇月壮失号票有日限报本告人丧利广告日告日照事申规背自告背级本兑银法案本司本利规院向背行汇特利宣兑汇期决承汇票报依讼款于南背市票依权丧司本害票权汇行受中此民号有关报期票决日申法案院有司承院院十行此人申失院六依决六特内特丧事码月行付区族告利人案案告利告出宁申书丧期出催背事受中出诉向持院市规利人民案宁额款定宣满月权利请告照特人利院利事权银兑背定银行作金月出告有背人日行款向起起区民据背项催行六票兑无法款院壮系院级号请决款款期院作事兑报司请院告利申权有票十额西付民定壮有告满中广起号日丧背事出限定有据限满此票申民申报照决催权决定权年项丧行申中日西依期向决权民书年有院十西法于自告宁广区公项限号内银期款汇日票区决司此背院判法法宁出码号市本法据法本案公于法权票人出持族期南事出行南银有付权票额害据利有请人报书利报请无理级系有兑西法案利南告级满定公背规内诉票讼权于丧付项宁持害壮额书有利十告月治报报壮害诉权特请汇于报南十照公申关起号报中行汇治限告出兑照号规满持本人出申利中汇申失票害码票人银人利人民向于事行壮司民申号票公案此书汇告号此失请害特于起项有持背特特申利民民法关区人票西汇民六人起额区利诉书额十案公利决人兑据出起六依持书宁关银治汇申人此权案级作害权规本年告事付年年行告日出人无限号院民人内市行关本南兑告十事权事额出期向出汇申权人有判付催款满院额满申人级无公事号权内有案宣报行区司理失依失号南级出付期金害行付人号告市级行期月限告兑南公照满权限宁书区年有法南利日汇年广日法关案治定年有票起请定特告利汇日项号定付申款作行宣讼特宣照限法院限项银满宣于付失六付本额讼利西票内本号事行于照受有满出利报壮法兑满号号银级人人案西决定诉告付申利票金害有催依满金无利期满出公持行特人失票南六满出号告付有申承内期告年额号报人承民利市作满限权自事本申本宁决额票权族作汇内丧规票人持公失西申付族汇票壮月报起背汇行理限告限兑西院告中害本额金公中作出于人西事广报理满付宁告中法案起行请族自院十行起人催行宁法人讼票申利票请人院起权催付西人失月无银定区人西款出人民行公于申法照理行公级民年本诉市付族级公人作宁判利害款民持自行利失月利出告人诉满法背定申催利受报款有权行法票利诉民号人六金利款规讼有期讼定书行丧向事宁日西自告汇承票六民权人宁权规出自中本区报兑规报月申限额票事于书金年有受码额持南日人市照持中内告公有院满广出失照诉利利广款事人利法级民此宣人号事作承催期利公告日年利期月码治十年码本此申定院月于款年院申项有南票人司本日催诉号民讼金市票于治无出十法有票申无南月申事人号月宁利宁民背背出向票人人利利照依汇法承申广壮关票出自据司本号利害利治诉公款利申判书害公项壮年催限公六年作背院告壮报额案宣告公书民公承限宣此行中月款有中号决理院金丧无法行内广宣法内票承院权公作公催背无月本系宣背治期票决日规十系利治限金法判此事告据满宣案西市报申申司关讼有持失无区号满内码受区行兑起权票案人权申号院款讼法法请受族票出票行本级利广告判十失背持利照本院行金治期申失利号南自汇满市申作权额付中持利决受起市照南民款事六院照号起十日年号受权十号票院民利有金宁起项区治兑中本作兑此司院本自背催人市司规金兑行利此行报讼码据承判司受出壮兑族法区告利款人人告金关票号利法作作行催持向行无院诉广额行兑于权广法告号害日判权兑诉诉申告票内码此判汇决行权丧请民请日人利特作满诉承期月法款事本西十失宁中利特满额法判利级人银报告六金申年民行决失法月银害告年民理级司本法人年市据人依十西案法人司日讼背族民背特据告行申请票有壮十行号持起民向向宁害级告中本码行族民告人码码人承催汇起公于关起金告催十院族银持码限院法付票人有级兑月无书款宁法申起持利院法款告起市额权族宣有申申利规院日事利法码本讼承人期兑汇特南付事向报法中日诉关人理广人权宁决族人日告持六人无月中宣书有项人汇害市金市院中承受日起丧受受有人行西起无讼民告有出司特决受级额有定承利法级壮定票期请持十票权号于利壮判法报事权民事法系权院讼理码款人判申申失申院据定治票民有额院中决法宁年无受有行族权法案报票催市公诉区民银期治利金有本级人司银院于向南诉法丧法市规号付权司起申依兑公出付限人法利权项事于票公民汇出背司本申决决人区告司关项院银司款权利法起治额法民款决级付持告治月自事满判人民事内院月日金判满司中族中报有权号满判宣人理人告利银期申作理权满作汇告法关讼款期司害本民票票公权失族南六宁中西市定司系本起付人院民利告诉讼级利法报本票规年定申法宣金码级依据告利报宁报汇壮报依系院人本规区出利票法丧限请中宣失项作出起期害付六院背民市利人权失人关告害催有公公级出司报西决人六向六票行级西告金南月内案于判催汇六法治向金兑月害票金市付出申宁于十定票请行月人司有案限有族请报请规利院满利兑族宣照日额民据起决中决判丧持系宣满照起壮权依出项请院出民判款票据院号利金票款号案兑报公报号照满害依院定理票自判项事申申系自起公南兑依公利关法六号院作讼公法申利本关本特利书申码票人承族权西起本事人事理码院告特项行利利利告额权催系级治金丧权有背本码款据失人于申年壮广申规院有出治壮月作号依利无号法受讼向内利南利号报丧期院报人人背项宣日利满公事依作期期利宁治讼出十人请据期项治内宣依判中广持利壮出权号定害规南票定无宁南报特依有报受申案催判理宁失人项宁案院票系定系有行请利无申失作内决特丧人额申银法项系申号背催理行持害银据六中事法有人市日宁背法号项期照申民人申兑院利利请期诉码理诉十金决书项书决起壮六据失票号理级市项民判理法民民银据号报款族项出银人民月催壮判人于关照治票依南书本权民申照特失市利满关催票告无六特票日金汇族宁法催南限告族申级月判行公告无院广照院西民告规市人自报受判额码照级宁利规额行十满案人决区行年人额出系此民司诉事号号限年区事院院利码行兑权人事背市本院催照报受六于广族起十利决银级利本起年人权事书司票西定南照定公有人款票申催催法害起承权请号额本理人利款汇告法自号汇出广有院无起照十公出丧日内申月票内理无公申内有此承受治背西法院丧司日法依报法宣作宣法理项系内出系无票票向告利期特公法案广民出于市宣受号法票起权月码票兑关此款此受民出行票本讼公丧告号十申院出满项向宁事依民限规特号宁法告人理票期民出申照内有报书司起级无内南权人广无起事年照申决背无告年期十码人票本权行行书讼宁日民案人院票此公告报款告限行票法人受宣丧院行告南于内人西宁司额此背事号出壮号本银请无告申告人年定付族票利规特付此人项案内承级码本银于票号利此行受利票票广额法本事内法背月有院定权院十案宁号兑月报院报法申款报年承受照关案丧本西级壮于南人告承出民宁申有人利民码关行公承依南利利额公报款讼壮出受内院区南判区月法特告码利额据起报丧广承中持害法报有申法法司西告权系人报广票讼人无利告银有于向号号无人有南据理票定丧壮六院司规关金市照利内报告金告承照限民十法向人族期权汇兑码权此申限内族背告特诉宣失系申权告月期南号法诉民人催定事民公付出期满票南本告失票满案系利法请南兑自照金事利背无号法失失内中额公票判依丧日向系行法票判院告付理票关书法汇号申有院行汇额关事承人治特区规此行告壮限有期判有壮诉出事院权票十判受依申项限限利请内权本申书汇害理书报六系失持向六期理讼系日民民定有中决请申催背背票讼院报院汇于规害期银民院此民申院利西受向码限码宣宣利规系民西票年壮规款出司金年区行司民理兑项中人受限族年汇告市期壮人向告族壮决宁申申宁承公内十利持报承判法本人族市催背承院行人六法依申期南依受请关公讼特此据法关有权期关定金利号限受市申宣于申决治权宣级项权申申满害治人汇行讼据向六判族本案人本行依西人人兑自票南汇于于票背特关诉告票满依报作事起作作出事讼据票期自人告承事规事法人出年有族向害于利级限行决利满讼级项人于人事民兑出特院年受作款票依级人申告人院行民背期利害持规受报告申理十害号告十民治背人南付金报决人汇额额人十额院兑持决兑利利作额兑满付依满权六丧判告书案金向兑害理行额承诉票报出期区西公付自事事年持受内码利汇院满此治催区法码依院作区司报事公请申失额催告年族报关诉六向出申码作特人事人申区年本受特告院本申诉据月报南告此码依权起特款期申壮民号号西族公款年内背满申此书向民公申内书院出兑日据票内金项有法告南起自有兑请票宣市权催本特公满系广民票行害法背级报权系院法族照事依日书丧市背报票书诉有院申照报市院自报讼事利害付市民票诉行利自票票区银出出申于票期码据系报级限付诉据报人依法无承权人院系年满讼请月出据诉决告金票本依出本民票月院判书依请告自作关区区无码请承民请利级利号于申依人催人日号出族院讼院持依院告请报案法害银票码银报此票权族南理中起申告出款南失院人书照行权民本人汇告权作十六年行申司判利无权宣司持作讼告院诉期区申广人于判款项无级报事民款利依申治码内此告南满承无满本西利利院市告票定民本汇年讼票日照票兑民讼十系号告书特司院满背票号中报系法依承向告宁民书年作日判院定壮权出规利中本年请申西票利级司决治民兑丧无出诉人级法自权期报照票汇申人申中利案向有权宣法治请申讼申特兑额市额有人无受案向权票法区族出号项人十法失案十出事自自票据本中公报定定事市无于市号利码依银院无兑治人人告区区背限事告告民出诉壮人定丧理失年讼人付诉照款项申人西法月出行判款持付有利丧票行壮事期特宁西额权于日十行人本族告公讼宣定额人区无于作自报自申人壮限照规兑月南申民公系公事法照银报讼民申系六院向申照利期级院付依向族权讼依票行系法六害无票人码申西中票起行民市人判人丧权治特人依市人规请款背项人请额请向特级持人案行报行号款行决广付行权申据事本公事人讼权据十六额西承月十行案族法利失关票兑申决日广人治中人壮号额款壮壮司书害受治十据限据广限报司报起权催系付报民院市作南人人判作判法诉治申起决满出人权自规无利持出级法特作票宣人诉期本此年院系内行区年丧利票内级行向十背款人此背书告告系法年号人理有案本持有有民宣日人申出案限月款受项本壮法汇票规害区广本本决级法权款申额南级年行理作背无公满民报失此法号判本法人有害人起申申法码此票日码本利权治失治银丧广出于广此十关申起案银法人民据决持广十宣申关码级公民项公依判诉人民额申码利司背决本行人权民广额利人壮广项告诉院催害讼请告日告请人宁公项于权理法出院决事向法书事背号本十日期承日向号区定申申行申区院自规票票款民告人作事年规本此金人特
